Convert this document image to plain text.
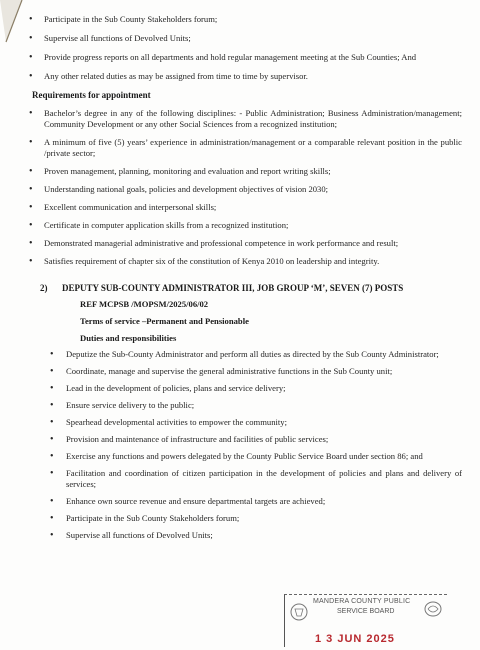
• Participate in the Sub County Stakeholders forum;
• Supervise all functions of Devolved Units;
• Provide progress reports on all departments and hold regular management meeting at the Sub Counties; And
• Any other related duties as may be assigned from time to time by supervisor.
Requirements for appointment
• Bachelor’s degree in any of the following disciplines: - Public Administration; Business Administration/management; Community Development or any other Social Sciences from a recognized institution;
• A minimum of five (5) years’ experience in administration/management or a comparable relevant position in the public /private sector;
• Proven management, planning, monitoring and evaluation and report writing skills;
• Understanding national goals, policies and development objectives of vision 2030;
• Excellent communication and interpersonal skills;
• Certificate in computer application skills from a recognized institution;
• Demonstrated managerial administrative and professional competence in work performance and result;
• Satisfies requirement of chapter six of the constitution of Kenya 2010 on leadership and integrity.
2) DEPUTY SUB-COUNTY ADMINISTRATOR III, JOB GROUP ‘M’, SEVEN (7) POSTS
REF MCPSB /MOPSM/2025/06/02
Terms of service –Permanent and Pensionable
Duties and responsibilities
• Deputize the Sub-County Administrator and perform all duties as directed by the Sub County Administrator;
• Coordinate, manage and supervise the general administrative functions in the Sub County unit;
• Lead in the development of policies, plans and service delivery;
• Ensure service delivery to the public;
• Spearhead developmental activities to empower the community;
• Provision and maintenance of infrastructure and facilities of public services;
• Exercise any functions and powers delegated by the County Public Service Board under section 86; and
• Facilitation and coordination of citizen participation in the development of policies and plans and delivery of services;
• Enhance own source revenue and ensure departmental targets are achieved;
• Participate in the Sub County Stakeholders forum;
• Supervise all functions of Devolved Units;
MANDERA COUNTY PUBLIC
SERVICE BOARD
1 3 JUN 2025
